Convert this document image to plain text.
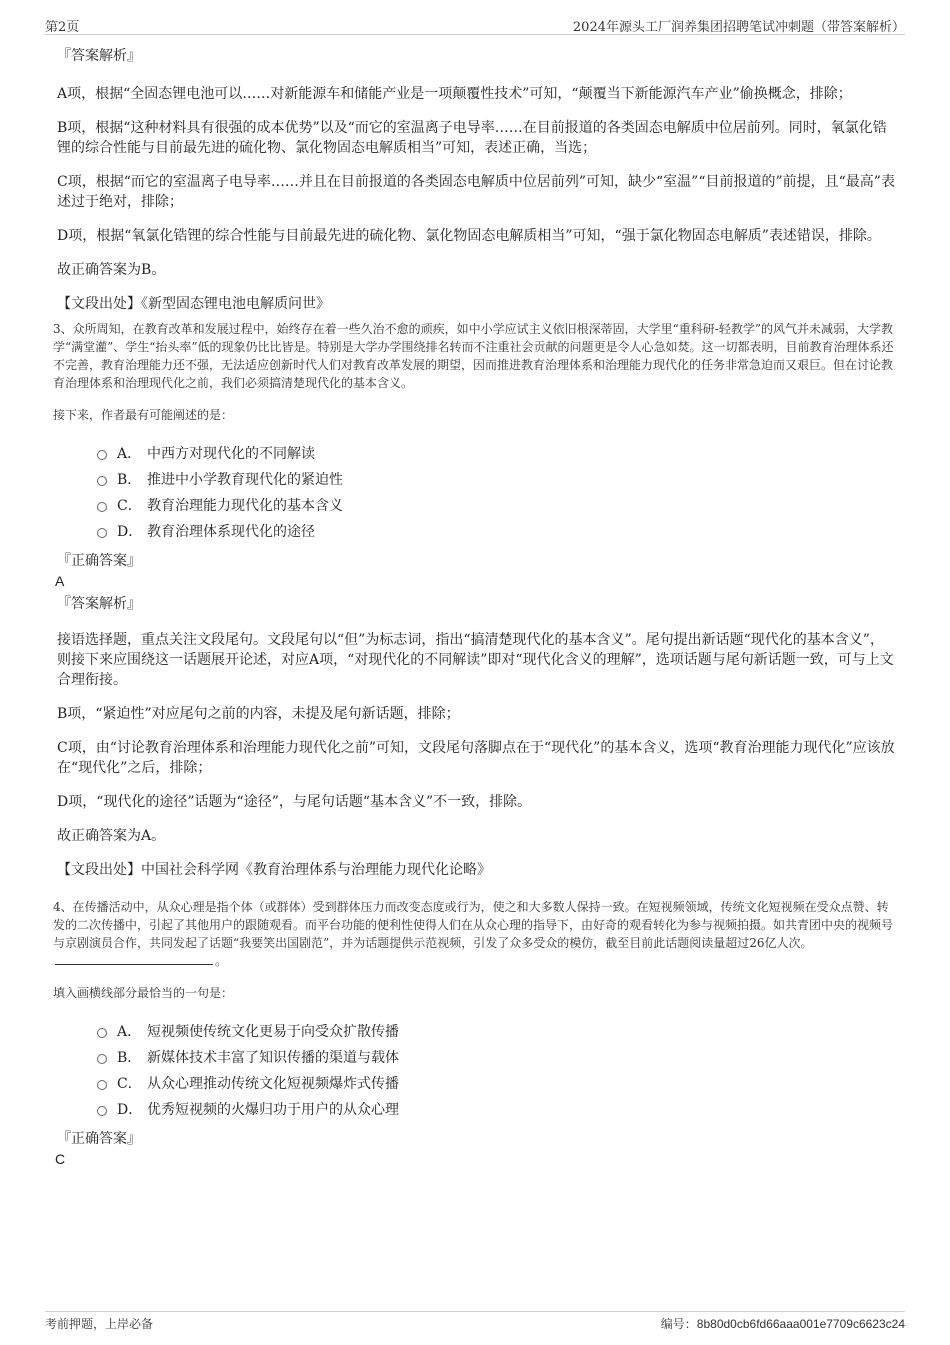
第2页	2024年源头工厂润养集团招聘笔试冲刺题（带答案解析）
『答案解析』
A项，根据“全固态锂电池可以……对新能源车和储能产业是一项颠覆性技术”可知，“颠覆当下新能源汽车产业”偷换概念，排除；
B项，根据“这种材料具有很强的成本优势”以及“而它的室温离子电导率……在目前报道的各类固态电解质中位居前列。同时，氧氯化锆锂的综合性能与目前最先进的硫化物、氯化物固态电解质相当”可知，表述正确，当选；
C项，根据“而它的室温离子电导率……并且在目前报道的各类固态电解质中位居前列”可知，缺少“室温”“目前报道的”前提，且“最高”表述过于绝对，排除；
D项，根据“氧氯化锆锂的综合性能与目前最先进的硫化物、氯化物固态电解质相当”可知，“强于氯化物固态电解质”表述错误，排除。
故正确答案为B。
【文段出处】《新型固态锂电池电解质问世》
3、众所周知，在教育改革和发展过程中，始终存在着一些久治不愈的顽疾，如中小学应试主义依旧根深蒂固，大学里“重科研-轻教学”的风气并未减弱，大学教学“满堂灌”、学生“抬头率”低的现象仍比比皆是。特别是大学办学围绕排名转而不注重社会贡献的问题更是令人心急如焚。这一切都表明，目前教育治理体系还不完善，教育治理能力还不强，无法适应创新时代人们对教育改革发展的期望，因而推进教育治理体系和治理能力现代化的任务非常急迫而又艰巨。但在讨论教育治理体系和治理现代化之前，我们必须搞清楚现代化的基本含义。
接下来，作者最有可能阐述的是：
A． 中西方对现代化的不同解读
B． 推进中小学教育现代化的紧迫性
C． 教育治理能力现代化的基本含义
D． 教育治理体系现代化的途径
『正确答案』
A
『答案解析』
接语选择题，重点关注文段尾句。文段尾句以“但”为标志词，指出“搞清楚现代化的基本含义”。尾句提出新话题“现代化的基本含义”，则接下来应围绕这一话题展开论述，对应A项，“对现代化的不同解读”即对“现代化含义的理解”，选项话题与尾句新话题一致，可与上文合理衔接。
B项，“紧迫性”对应尾句之前的内容，未提及尾句新话题，排除；
C项，由“讨论教育治理体系和治理能力现代化之前”可知，文段尾句落脚点在于“现代化”的基本含义，选项“教育治理能力现代化”应该放在“现代化”之后，排除；
D项，“现代化的途径”话题为“途径”，与尾句话题“基本含义”不一致，排除。
故正确答案为A。
【文段出处】中国社会科学网《教育治理体系与治理能力现代化论略》
4、在传播活动中，从众心理是指个体（或群体）受到群体压力而改变态度或行为，使之和大多数人保持一致。在短视频领域，传统文化短视频在受众点赞、转发的二次传播中，引起了其他用户的跟随观看。而平台功能的便利性使得人们在从众心理的指导下，由好奇的观看转化为参与视频拍摄。如共青团中央的视频号与京剧演员合作，共同发起了话题“我要笑出国剧范”，并为话题提供示范视频，引发了众多受众的模仿，截至目前此话题阅读量超过26亿人次。。
填入画横线部分最恰当的一句是：
A． 短视频使传统文化更易于向受众扩散传播
B． 新媒体技术丰富了知识传播的渠道与载体
C． 从众心理推动传统文化短视频爆炸式传播
D． 优秀短视频的火爆归功于用户的从众心理
『正确答案』
C
考前押题，上岸必备	编号：8b80d0cb6fd66aaa001e7709c6623c24
